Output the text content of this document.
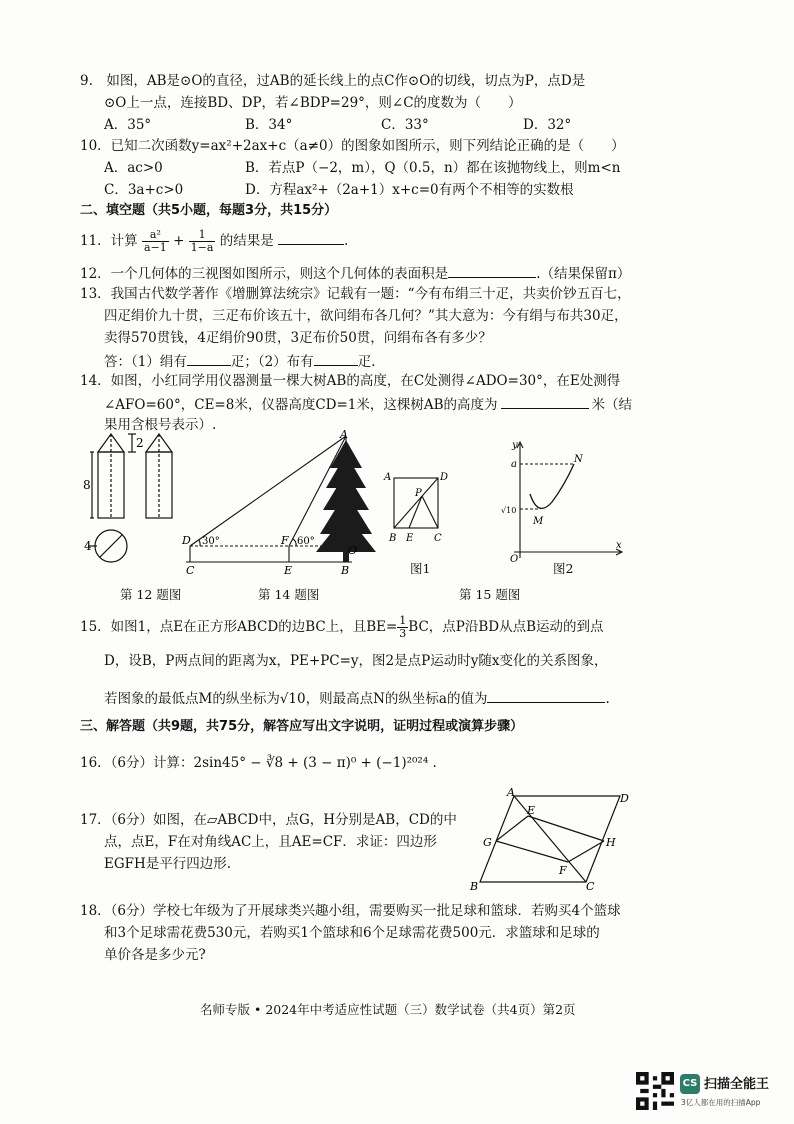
9.　如图，AB是⊙O的直径，过AB的延长线上的点C作⊙O的切线，切点为P，点D是
⊙O上一点，连接BD、DP，若∠BDP=29°，则∠C的度数为（　　）
A．35°	B．34°	C．33°	D．32°
10．已知二次函数y=ax²+2ax+c（a≠0）的图象如图所示，则下列结论正确的是（　　）
A．ac>0	B．若点P（−2，m），Q（0.5，n）都在该抛物线上，则m<n
C．3a+c>0	D．方程ax²+（2a+1）x+c=0有两个不相等的实数根
二、填空题（共5小题，每题3分，共15分）
11．计算 $\frac{\text{a²}}{a-1} + \frac{1}{1-a}$ 的结果是	.
12．一个几何体的三视图如图所示，则这个几何体的表面积是	.（结果保留π）
13．我国古代数学著作《增删算法统宗》记载有一题：“今有布绢三十疋，共卖价钞五百七，
四疋绢价九十贯，三疋布价该五十，欲问绢布各几何？”其大意为：今有绢与布共30疋，
卖得570贯钱，4疋绢价90贯，3疋布价50贯，问绢布各有多少？
答：（1）绢有	疋；（2）布有	疋.
14．如图，小红同学用仪器测量一棵大树AB的高度，在C处测得∠ADO=30°，在E处测得
∠AFO=60°，CE=8米，仪器高度CD=1米，这棵树AB的高度为	米（结
果用含根号表示）.
8
2
4
第 12 题图
30°	60°
A
D	F
C	E
O
B
第 14 题图
A	D
P
B E C
图1
y
a	N
M
O
x
√10
图2
第 15 题图
15．如图1，点E在正方形ABCD的边BC上，且$BE= \frac{1}{3}$ BC，点P沿BD从点B运动的到点
D，设B，P两点间的距离为x，PE+PC=y，图2是点P运动时y随x变化的关系图象，
若图象的最低点M的纵坐标为√10，则最高点N的纵坐标a的值为	.
三、解答题（共9题，共75分，解答应写出文字说明，证明过程或演算步骤）
16．（6分）计算：2sin45° − ∛8 + (3 − π)⁰ + (−1)²⁰²⁴ .
17．（6分）如图，在▱ABCD中，点G，H分别是AB，CD的中
点，点E，F在对角线AC上，且AE=CF．求证：四边形
EGFH是平行四边形.
A	D
E
G	H
F
B	C
18．（6分）学校七年级为了开展球类兴趣小组，需要购买一批足球和篮球．若购买4个篮球
和3个足球需花费530元，若购买1个篮球和6个足球需花费500元．求篮球和足球的
单价各是多少元?
名师专版 • 2024年中考适应性试题（三）数学试卷（共4页）第2页
CS 扫描全能王
3亿人都在用的扫描App
